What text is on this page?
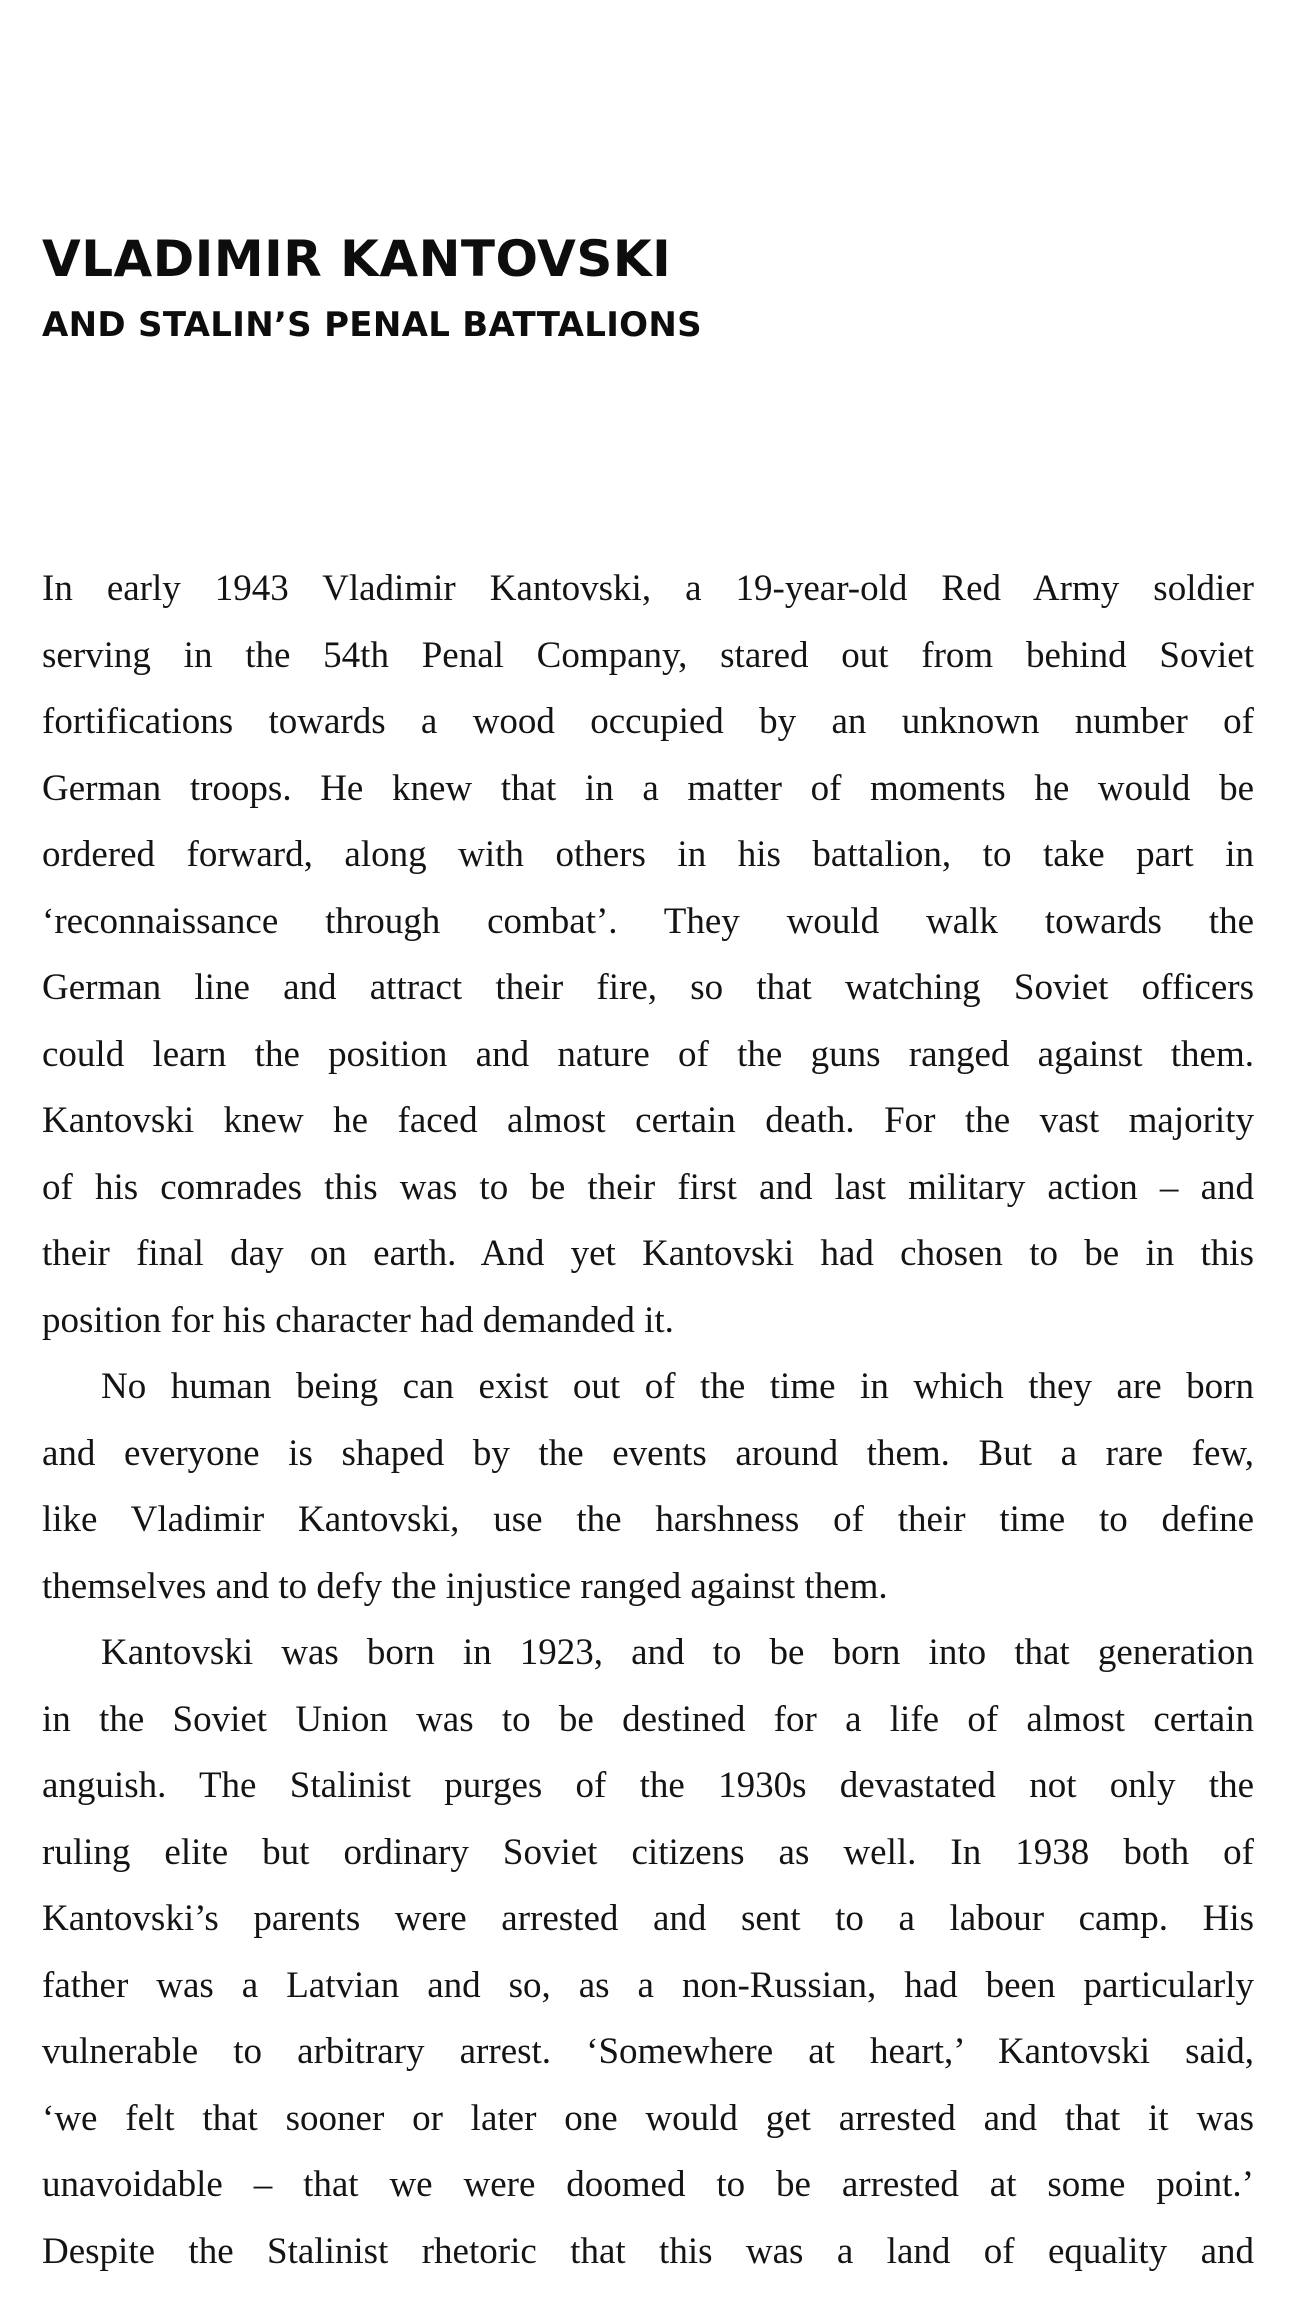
VLADIMIR KANTOVSKI
AND STALIN’S PENAL BATTALIONS
In early 1943 Vladimir Kantovski, a 19-year-old Red Army soldier
serving in the 54th Penal Company, stared out from behind Soviet
fortifications towards a wood occupied by an unknown number of
German troops. He knew that in a matter of moments he would be
ordered forward, along with others in his battalion, to take part in
‘reconnaissance through combat’. They would walk towards the
German line and attract their fire, so that watching Soviet officers
could learn the position and nature of the guns ranged against them.
Kantovski knew he faced almost certain death. For the vast majority
of his comrades this was to be their first and last military action – and
their final day on earth. And yet Kantovski had chosen to be in this
position for his character had demanded it.
No human being can exist out of the time in which they are born
and everyone is shaped by the events around them. But a rare few,
like Vladimir Kantovski, use the harshness of their time to define
themselves and to defy the injustice ranged against them.
Kantovski was born in 1923, and to be born into that generation
in the Soviet Union was to be destined for a life of almost certain
anguish. The Stalinist purges of the 1930s devastated not only the
ruling elite but ordinary Soviet citizens as well. In 1938 both of
Kantovski’s parents were arrested and sent to a labour camp. His
father was a Latvian and so, as a non-Russian, had been particularly
vulnerable to arbitrary arrest. ‘Somewhere at heart,’ Kantovski said,
‘we felt that sooner or later one would get arrested and that it was
unavoidable – that we were doomed to be arrested at some point.’
Despite the Stalinist rhetoric that this was a land of equality and
